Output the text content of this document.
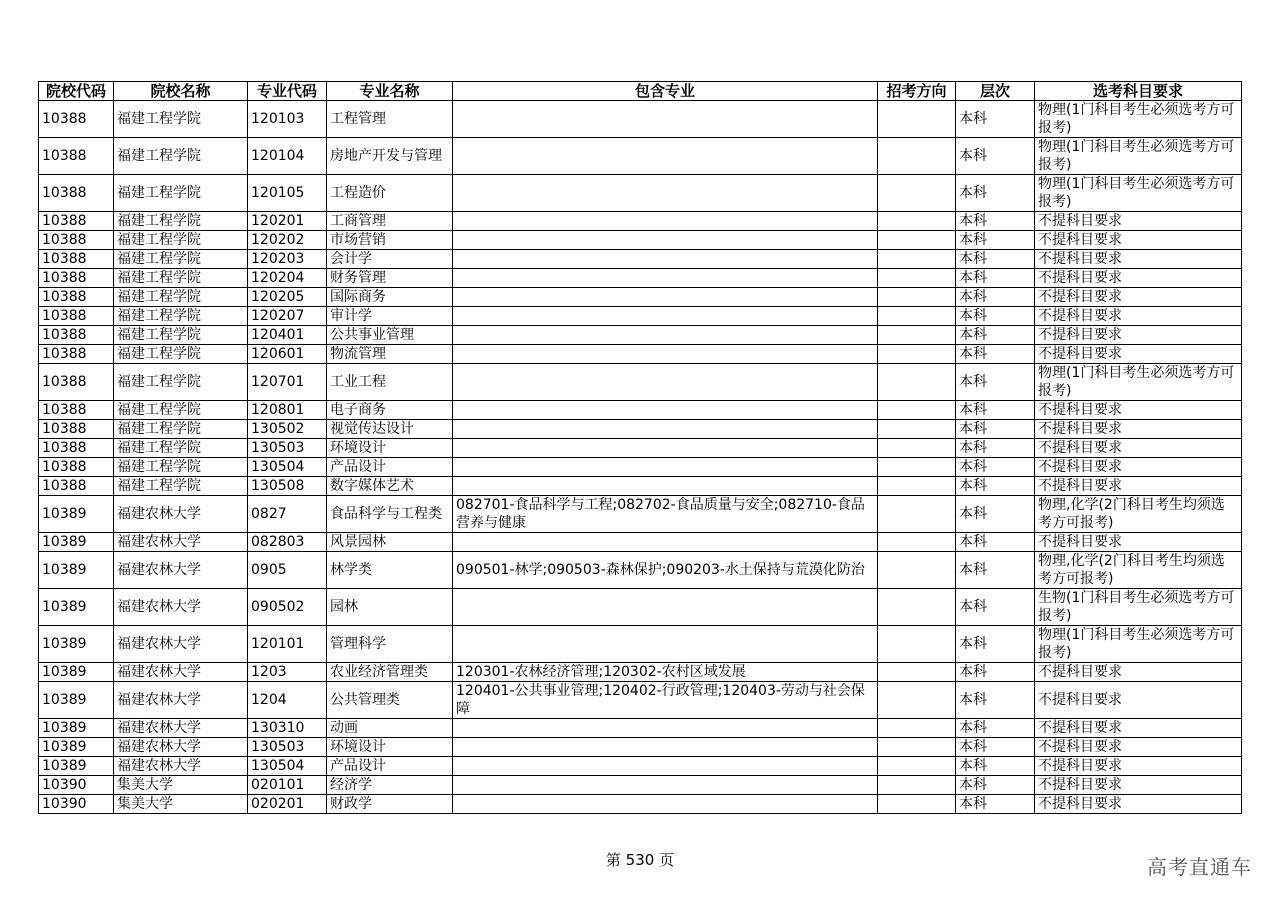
院校代码	院校名称	专业代码	专业名称	包含专业	招考方向	层次	选考科目要求
10388	福建工程学院	120103	工程管理			本科	物理(1门科目考生必须选考方可报考)
10388	福建工程学院	120104	房地产开发与管理			本科	物理(1门科目考生必须选考方可报考)
10388	福建工程学院	120105	工程造价			本科	物理(1门科目考生必须选考方可报考)
10388	福建工程学院	120201	工商管理			本科	不提科目要求
10388	福建工程学院	120202	市场营销			本科	不提科目要求
10388	福建工程学院	120203	会计学			本科	不提科目要求
10388	福建工程学院	120204	财务管理			本科	不提科目要求
10388	福建工程学院	120205	国际商务			本科	不提科目要求
10388	福建工程学院	120207	审计学			本科	不提科目要求
10388	福建工程学院	120401	公共事业管理			本科	不提科目要求
10388	福建工程学院	120601	物流管理			本科	不提科目要求
10388	福建工程学院	120701	工业工程			本科	物理(1门科目考生必须选考方可报考)
10388	福建工程学院	120801	电子商务			本科	不提科目要求
10388	福建工程学院	130502	视觉传达设计			本科	不提科目要求
10388	福建工程学院	130503	环境设计			本科	不提科目要求
10388	福建工程学院	130504	产品设计			本科	不提科目要求
10388	福建工程学院	130508	数字媒体艺术			本科	不提科目要求
10389	福建农林大学	0827	食品科学与工程类	082701-食品科学与工程;082702-食品质量与安全;082710-食品营养与健康		本科	物理,化学(2门科目考生均须选考方可报考)
10389	福建农林大学	082803	风景园林			本科	不提科目要求
10389	福建农林大学	0905	林学类	090501-林学;090503-森林保护;090203-水土保持与荒漠化防治		本科	物理,化学(2门科目考生均须选考方可报考)
10389	福建农林大学	090502	园林			本科	生物(1门科目考生必须选考方可报考)
10389	福建农林大学	120101	管理科学			本科	物理(1门科目考生必须选考方可报考)
10389	福建农林大学	1203	农业经济管理类	120301-农林经济管理;120302-农村区域发展		本科	不提科目要求
10389	福建农林大学	1204	公共管理类	120401-公共事业管理;120402-行政管理;120403-劳动与社会保障		本科	不提科目要求
10389	福建农林大学	130310	动画			本科	不提科目要求
10389	福建农林大学	130503	环境设计			本科	不提科目要求
10389	福建农林大学	130504	产品设计			本科	不提科目要求
10390	集美大学	020101	经济学			本科	不提科目要求
10390	集美大学	020201	财政学			本科	不提科目要求
第 530 页	高考直通车
